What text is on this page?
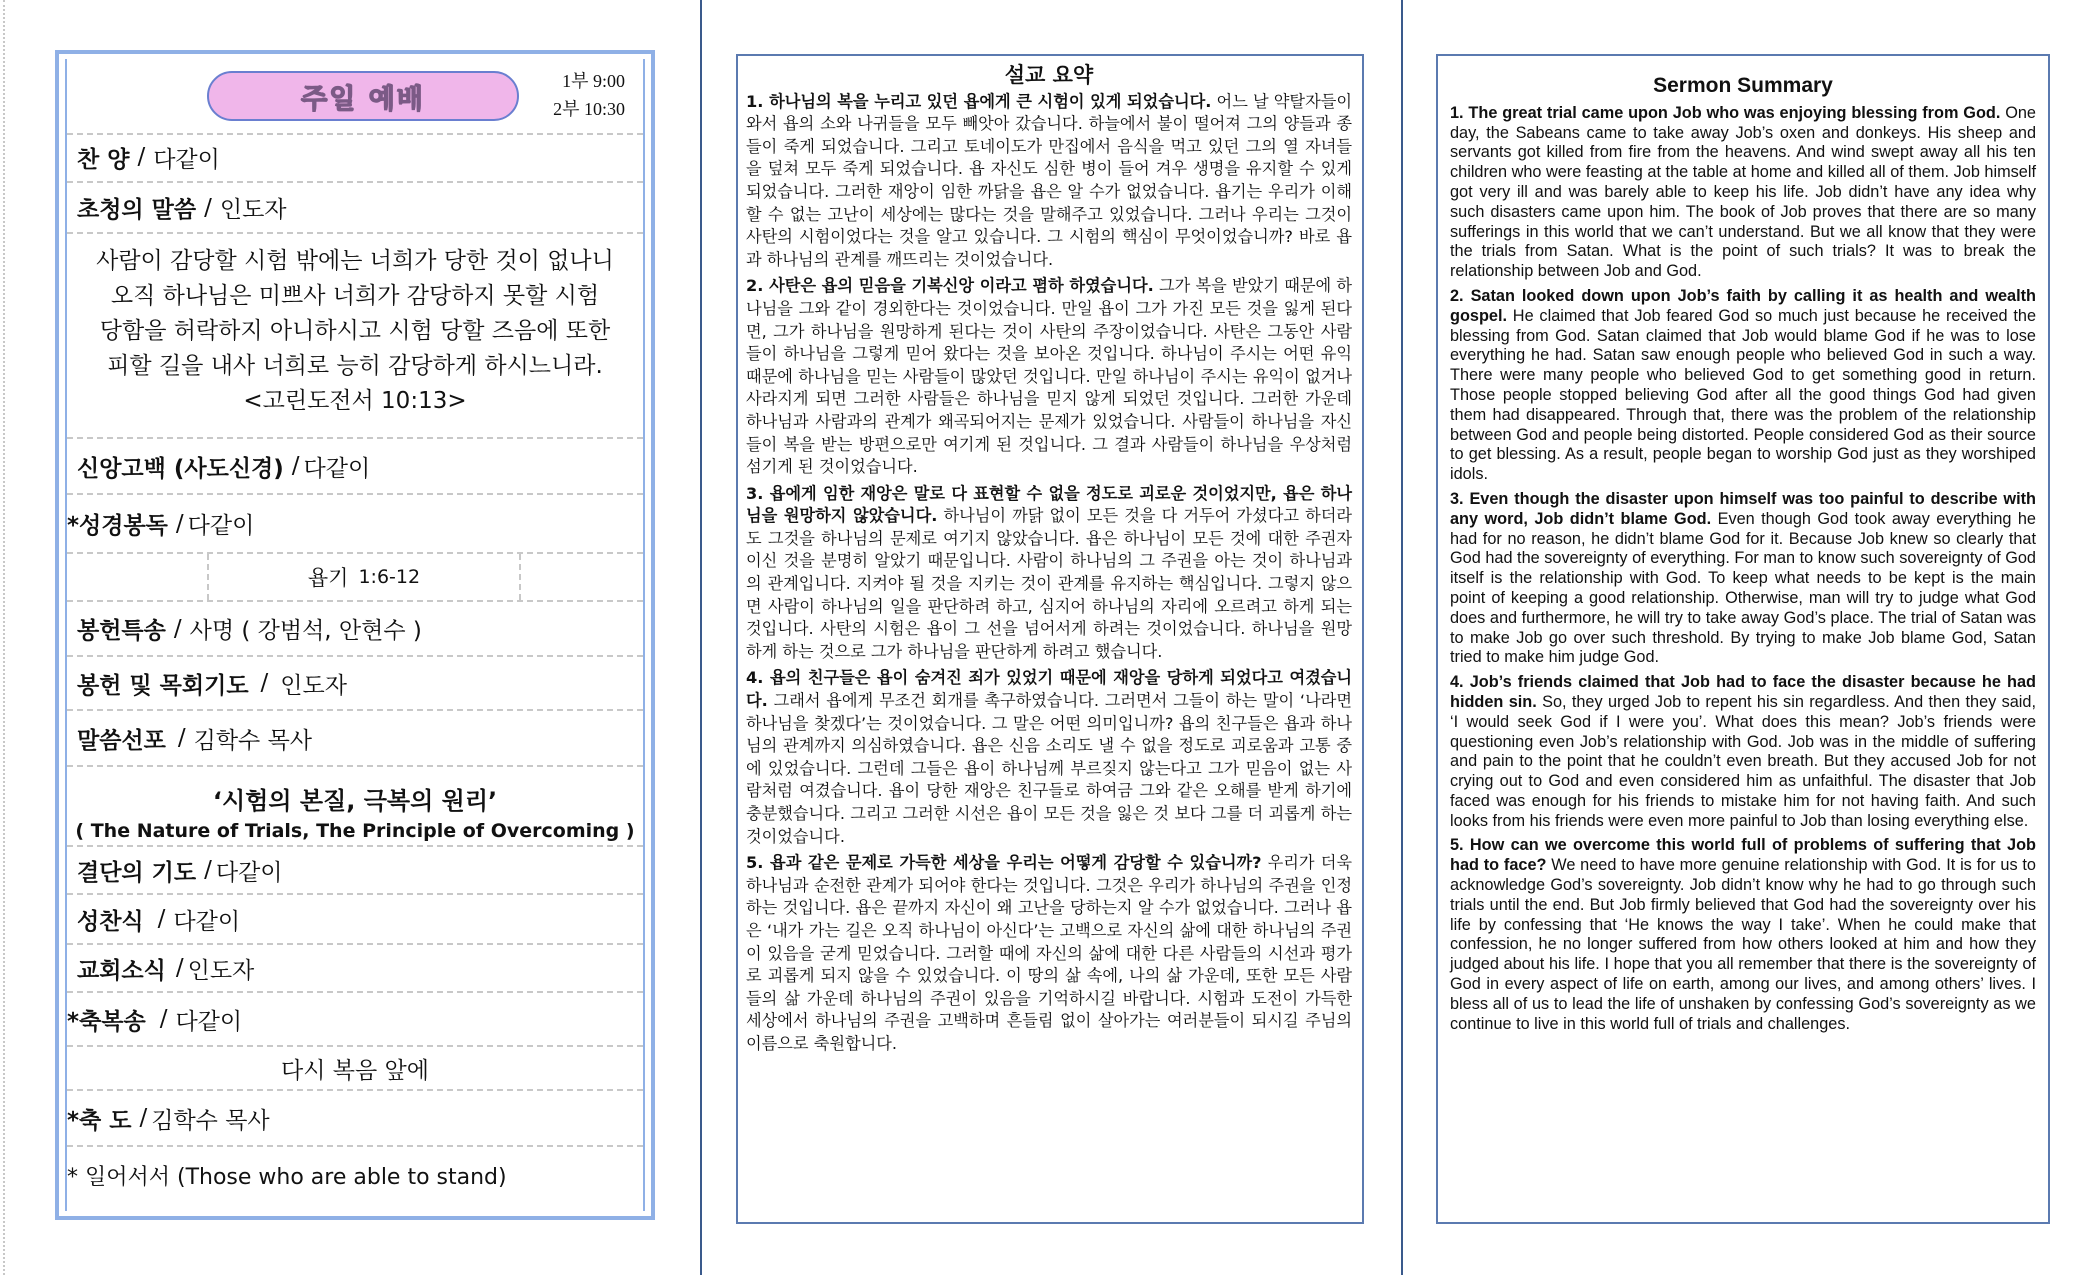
주일 예배
1부 9:00
2부 10:30
찬 양 / 다같이
초청의 말씀 / 인도자
사람이 감당할 시험 밖에는 너희가 당한 것이 없나니
오직 하나님은 미쁘사 너희가 감당하지 못할 시험
당함을 허락하지 아니하시고 시험 당할 즈음에 또한
피할 길을 내사 너희로 능히 감당하게 하시느니라.
<고린도전서 10:13>
신앙고백 (사도신경) / 다같이
*성경봉독 / 다같이
욥기 1:6-12
봉헌특송 / 사명 ( 강범석, 안현수 )
봉헌 및 목회기도 / 인도자
말씀선포 / 김학수 목사
‘시험의 본질, 극복의 원리’
( The Nature of Trials, The Principle of Overcoming )
결단의 기도 / 다같이
성찬식 / 다같이
교회소식 / 인도자
*축복송 / 다같이
다시 복음 앞에
*축 도 / 김학수 목사
* 일어서서 (Those who are able to stand)
설교 요약

1. 하나님의 복을 누리고 있던 욥에게 큰 시험이 있게 되었습니다. 어느 날 약탈자들이 와서 욥의 소와 나귀들을 모두 빼앗아 갔습니다. 하늘에서 불이 떨어져 그의 양들과 종들이 죽게 되었습니다. 그리고 토네이도가 만집에서 음식을 먹고 있던 그의 열 자녀들을 덮쳐 모두 죽게 되었습니다. 욥 자신도 심한 병이 들어 겨우 생명을 유지할 수 있게 되었습니다. 그러한 재앙이 임한 까닭을 욥은 알 수가 없었습니다. 욥기는 우리가 이해할 수 없는 고난이 세상에는 많다는 것을 말해주고 있었습니다. 그러나 우리는 그것이 사탄의 시험이었다는 것을 알고 있습니다. 그 시험의 핵심이 무엇이었습니까? 바로 욥과 하나님의 관계를 깨뜨리는 것이었습니다.

2. 사탄은 욥의 믿음을 기복신앙 이라고 폄하 하였습니다. 그가 복을 받았기 때문에 하나님을 그와 같이 경외한다는 것이었습니다. 만일 욥이 그가 가진 모든 것을 잃게 된다면, 그가 하나님을 원망하게 된다는 것이 사탄의 주장이었습니다. 사탄은 그동안 사람들이 하나님을 그렇게 믿어 왔다는 것을 보아온 것입니다. 하나님이 주시는 어떤 유익 때문에 하나님을 믿는 사람들이 많았던 것입니다. 만일 하나님이 주시는 유익이 없거나 사라지게 되면 그러한 사람들은 하나님을 믿지 않게 되었던 것입니다. 그러한 가운데 하나님과 사람과의 관계가 왜곡되어지는 문제가 있었습니다. 사람들이 하나님을 자신들이 복을 받는 방편으로만 여기게 된 것입니다. 그 결과 사람들이 하나님을 우상처럼 섬기게 된 것이었습니다.

3. 욥에게 임한 재앙은 말로 다 표현할 수 없을 정도로 괴로운 것이었지만, 욥은 하나님을 원망하지 않았습니다. 하나님이 까닭 없이 모든 것을 다 거두어 가셨다고 하더라도 그것을 하나님의 문제로 여기지 않았습니다. 욥은 하나님이 모든 것에 대한 주권자이신 것을 분명히 알았기 때문입니다. 사람이 하나님의 그 주권을 아는 것이 하나님과의 관계입니다. 지켜야 될 것을 지키는 것이 관계를 유지하는 핵심입니다. 그렇지 않으면 사람이 하나님의 일을 판단하려 하고, 심지어 하나님의 자리에 오르려고 하게 되는 것입니다. 사탄의 시험은 욥이 그 선을 넘어서게 하려는 것이었습니다. 하나님을 원망하게 하는 것으로 그가 하나님을 판단하게 하려고 했습니다.

4. 욥의 친구들은 욥이 숨겨진 죄가 있었기 때문에 재앙을 당하게 되었다고 여겼습니다. 그래서 욥에게 무조건 회개를 촉구하였습니다. 그러면서 그들이 하는 말이 ‘나라면 하나님을 찾겠다’는 것이었습니다. 그 말은 어떤 의미입니까? 욥의 친구들은 욥과 하나님의 관계까지 의심하였습니다. 욥은 신음 소리도 낼 수 없을 정도로 괴로움과 고통 중에 있었습니다. 그런데 그들은 욥이 하나님께 부르짖지 않는다고 그가 믿음이 없는 사람처럼 여겼습니다. 욥이 당한 재앙은 친구들로 하여금 그와 같은 오해를 받게 하기에 충분했습니다. 그리고 그러한 시선은 욥이 모든 것을 잃은 것 보다 그를 더 괴롭게 하는 것이었습니다.

5. 욥과 같은 문제로 가득한 세상을 우리는 어떻게 감당할 수 있습니까? 우리가 더욱 하나님과 순전한 관계가 되어야 한다는 것입니다. 그것은 우리가 하나님의 주권을 인정하는 것입니다. 욥은 끝까지 자신이 왜 고난을 당하는지 알 수가 없었습니다. 그러나 욥은 ‘내가 가는 길은 오직 하나님이 아신다’는 고백으로 자신의 삶에 대한 하나님의 주권이 있음을 굳게 믿었습니다. 그러할 때에 자신의 삶에 대한 다른 사람들의 시선과 평가로 괴롭게 되지 않을 수 있었습니다. 이 땅의 삶 속에, 나의 삶 가운데, 또한 모든 사람들의 삶 가운데 하나님의 주권이 있음을 기억하시길 바랍니다. 시험과 도전이 가득한 세상에서 하나님의 주권을 고백하며 흔들림 없이 살아가는 여러분들이 되시길 주님의 이름으로 축원합니다.

Sermon Summary

1. The great trial came upon Job who was enjoying blessing from God. One day, the Sabeans came to take away Job’s oxen and donkeys. His sheep and servants got killed from fire from the heavens. And wind swept away all his ten children who were feasting at the table at home and killed all of them. Job himself got very ill and was barely able to keep his life. Job didn’t have any idea why such disasters came upon him. The book of Job proves that there are so many sufferings in this world that we can’t understand. But we all know that they were the trials from Satan. What is the point of such trials? It was to break the relationship between Job and God.

2. Satan looked down upon Job’s faith by calling it as health and wealth gospel. He claimed that Job feared God so much just because he received the blessing from God. Satan claimed that Job would blame God if he was to lose everything he had. Satan saw enough people who believed God in such a way. There were many people who believed God to get something good in return. Those people stopped believing God after all the good things God had given them had disappeared. Through that, there was the problem of the relationship between God and people being distorted. People considered God as their source to get blessing. As a result, people began to worship God just as they worshiped idols.

3. Even though the disaster upon himself was too painful to describe with any word, Job didn’t blame God. Even though God took away everything he had for no reason, he didn’t blame God for it. Because Job knew so clearly that God had the sovereignty of everything. For man to know such sovereignty of God itself is the relationship with God. To keep what needs to be kept is the main point of keeping a good relationship. Otherwise, man will try to judge what God does and furthermore, he will try to take away God’s place. The trial of Satan was to make Job go over such threshold. By trying to make Job blame God, Satan tried to make him judge God.

4. Job’s friends claimed that Job had to face the disaster because he had hidden sin. So, they urged Job to repent his sin regardless. And then they said, ‘I would seek God if I were you’. What does this mean? Job’s friends were questioning even Job’s relationship with God. Job was in the middle of suffering and pain to the point that he couldn’t even breath. But they accused Job for not crying out to God and even considered him as unfaithful. The disaster that Job faced was enough for his friends to mistake him for not having faith. And such looks from his friends were even more painful to Job than losing everything else.

5. How can we overcome this world full of problems of suffering that Job had to face? We need to have more genuine relationship with God. It is for us to acknowledge God’s sovereignty. Job didn’t know why he had to go through such trials until the end. But Job firmly believed that God had the sovereignty over his life by confessing that ‘He knows the way I take’. When he could make that confession, he no longer suffered from how others looked at him and how they judged about his life. I hope that you all remember that there is the sovereignty of God in every aspect of life on earth, among our lives, and among others’ lives. I bless all of us to lead the life of unshaken by confessing God’s sovereignty as we continue to live in this world full of trials and challenges.
